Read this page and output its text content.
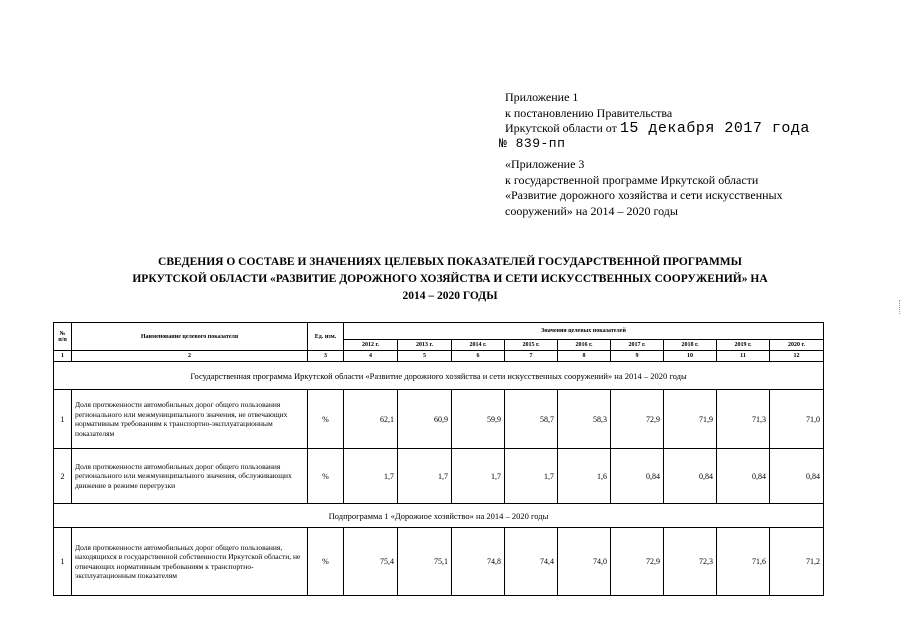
Приложение 1
к постановлению Правительства
Иркутской области от 15 декабря 2017 года
№ 839-пп
«Приложение 3
к государственной программе Иркутской области
«Развитие дорожного хозяйства и сети искусственных
сооружений» на 2014 – 2020 годы
СВЕДЕНИЯ О СОСТАВЕ И ЗНАЧЕНИЯХ ЦЕЛЕВЫХ ПОКАЗАТЕЛЕЙ ГОСУДАРСТВЕННОЙ ПРОГРАММЫ
ИРКУТСКОЙ ОБЛАСТИ «РАЗВИТИЕ ДОРОЖНОГО ХОЗЯЙСТВА И СЕТИ ИСКУССТВЕННЫХ СООРУЖЕНИЙ» НА
2014 – 2020 ГОДЫ
№ п/п	Наименование целевого показателя	Ед. изм.	Значения целевых показателей								
			2012 г.	2013 г.	2014 г.	2015 г.	2016 г.	2017 г.	2018 г.	2019 г.	2020 г.
1	2	3	4	5	6	7	8	9	10	11	12
Государственная программа Иркутской области «Развитие дорожного хозяйства и сети искусственных сооружений» на 2014 – 2020 годы											
1	Доля протяженности автомобильных дорог общего пользования регионального или межмуниципального значения, не отвечающих нормативным требованиям к транспортно-эксплуатационным показателям	%	62,1	60,9	59,9	58,7	58,3	72,9	71,9	71,3	71,0
2	Доля протяженности автомобильных дорог общего пользования регионального или межмуниципального значения, обслуживающих движение в режиме перегрузки	%	1,7	1,7	1,7	1,7	1,6	0,84	0,84	0,84	0,84
Подпрограмма 1 «Дорожное хозяйство» на 2014 – 2020 годы											
1	Доля протяженности автомобильных дорог общего пользования, находящихся в государственной собственности Иркутской области, не отвечающих нормативным требованиям к транспортно-эксплуатационным показателям	%	75,4	75,1	74,8	74,4	74,0	72,9	72,3	71,6	71,2
